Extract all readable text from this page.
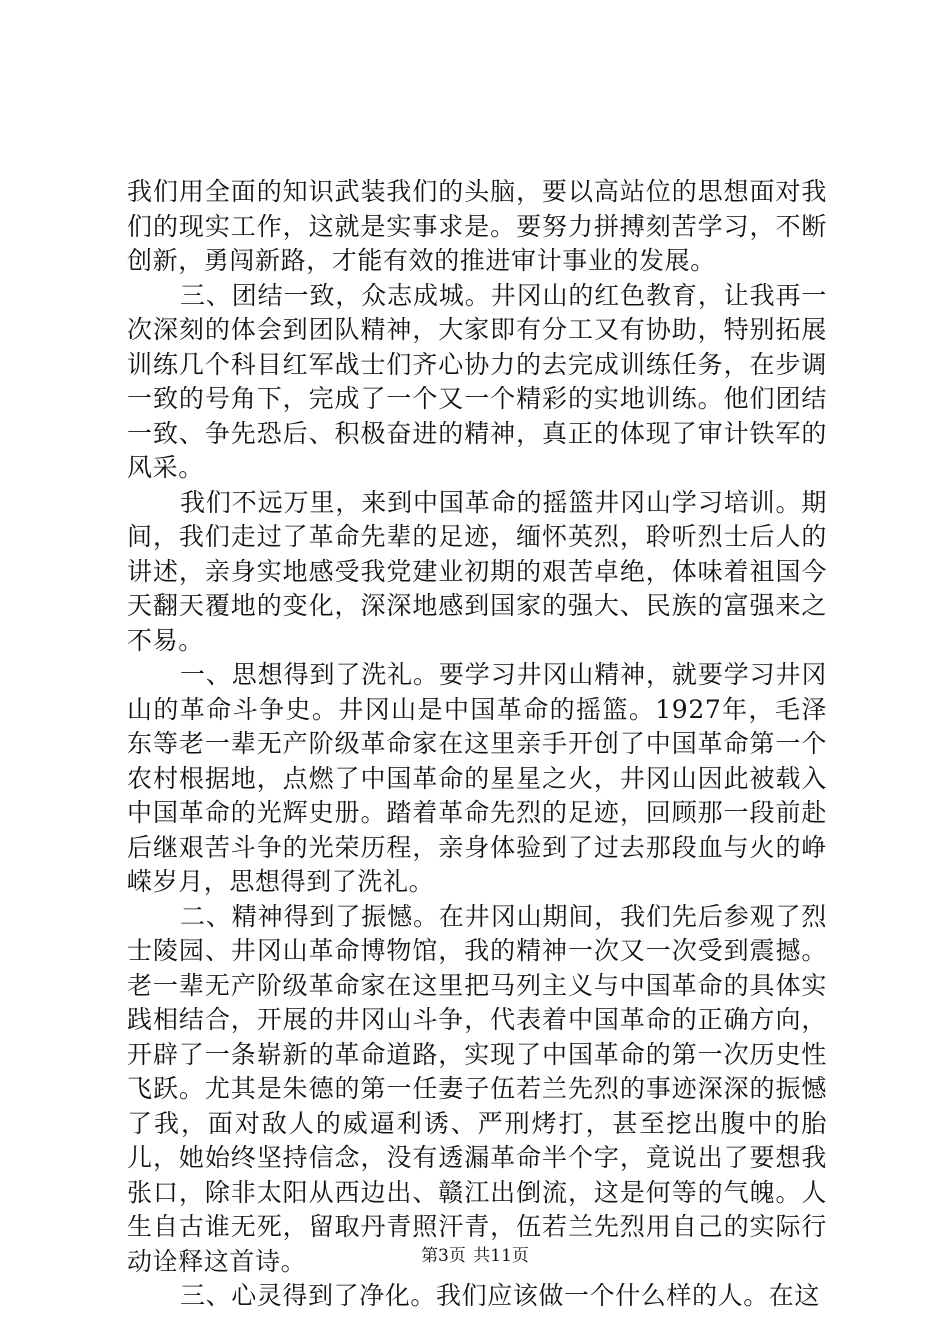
我们用全面的知识武装我们的头脑，要以高站位的思想面对我们的现实工作，这就是实事求是。要努力拼搏刻苦学习，不断创新，勇闯新路，才能有效的推进审计事业的发展。

三、团结一致，众志成城。井冈山的红色教育，让我再一次深刻的体会到团队精神，大家即有分工又有协助，特别拓展训练几个科目红军战士们齐心协力的去完成训练任务，在步调一致的号角下，完成了一个又一个精彩的实地训练。他们团结一致、争先恐后、积极奋进的精神，真正的体现了审计铁军的风采。

我们不远万里，来到中国革命的摇篮井冈山学习培训。期间，我们走过了革命先辈的足迹，缅怀英烈，聆听烈士后人的讲述，亲身实地感受我党建业初期的艰苦卓绝，体味着祖国今天翻天覆地的变化，深深地感到国家的强大、民族的富强来之不易。

一、思想得到了洗礼。要学习井冈山精神，就要学习井冈山的革命斗争史。井冈山是中国革命的摇篮。1927年，毛泽东等老一辈无产阶级革命家在这里亲手开创了中国革命第一个农村根据地，点燃了中国革命的星星之火，井冈山因此被载入中国革命的光辉史册。踏着革命先烈的足迹，回顾那一段前赴后继艰苦斗争的光荣历程，亲身体验到了过去那段血与火的峥嵘岁月，思想得到了洗礼。

二、精神得到了振憾。在井冈山期间，我们先后参观了烈士陵园、井冈山革命博物馆，我的精神一次又一次受到震撼。老一辈无产阶级革命家在这里把马列主义与中国革命的具体实践相结合，开展的井冈山斗争，代表着中国革命的正确方向，开辟了一条崭新的革命道路，实现了中国革命的第一次历史性飞跃。尤其是朱德的第一任妻子伍若兰先烈的事迹深深的振憾了我，面对敌人的威逼利诱、严刑烤打，甚至挖出腹中的胎儿，她始终坚持信念，没有透漏革命半个字，竟说出了要想我张口，除非太阳从西边出、赣江出倒流，这是何等的气魄。人生自古谁无死，留取丹青照汗青，伍若兰先烈用自己的实际行动诠释这首诗。

三、心灵得到了净化。我们应该做一个什么样的人。在这

第3页 共11页
